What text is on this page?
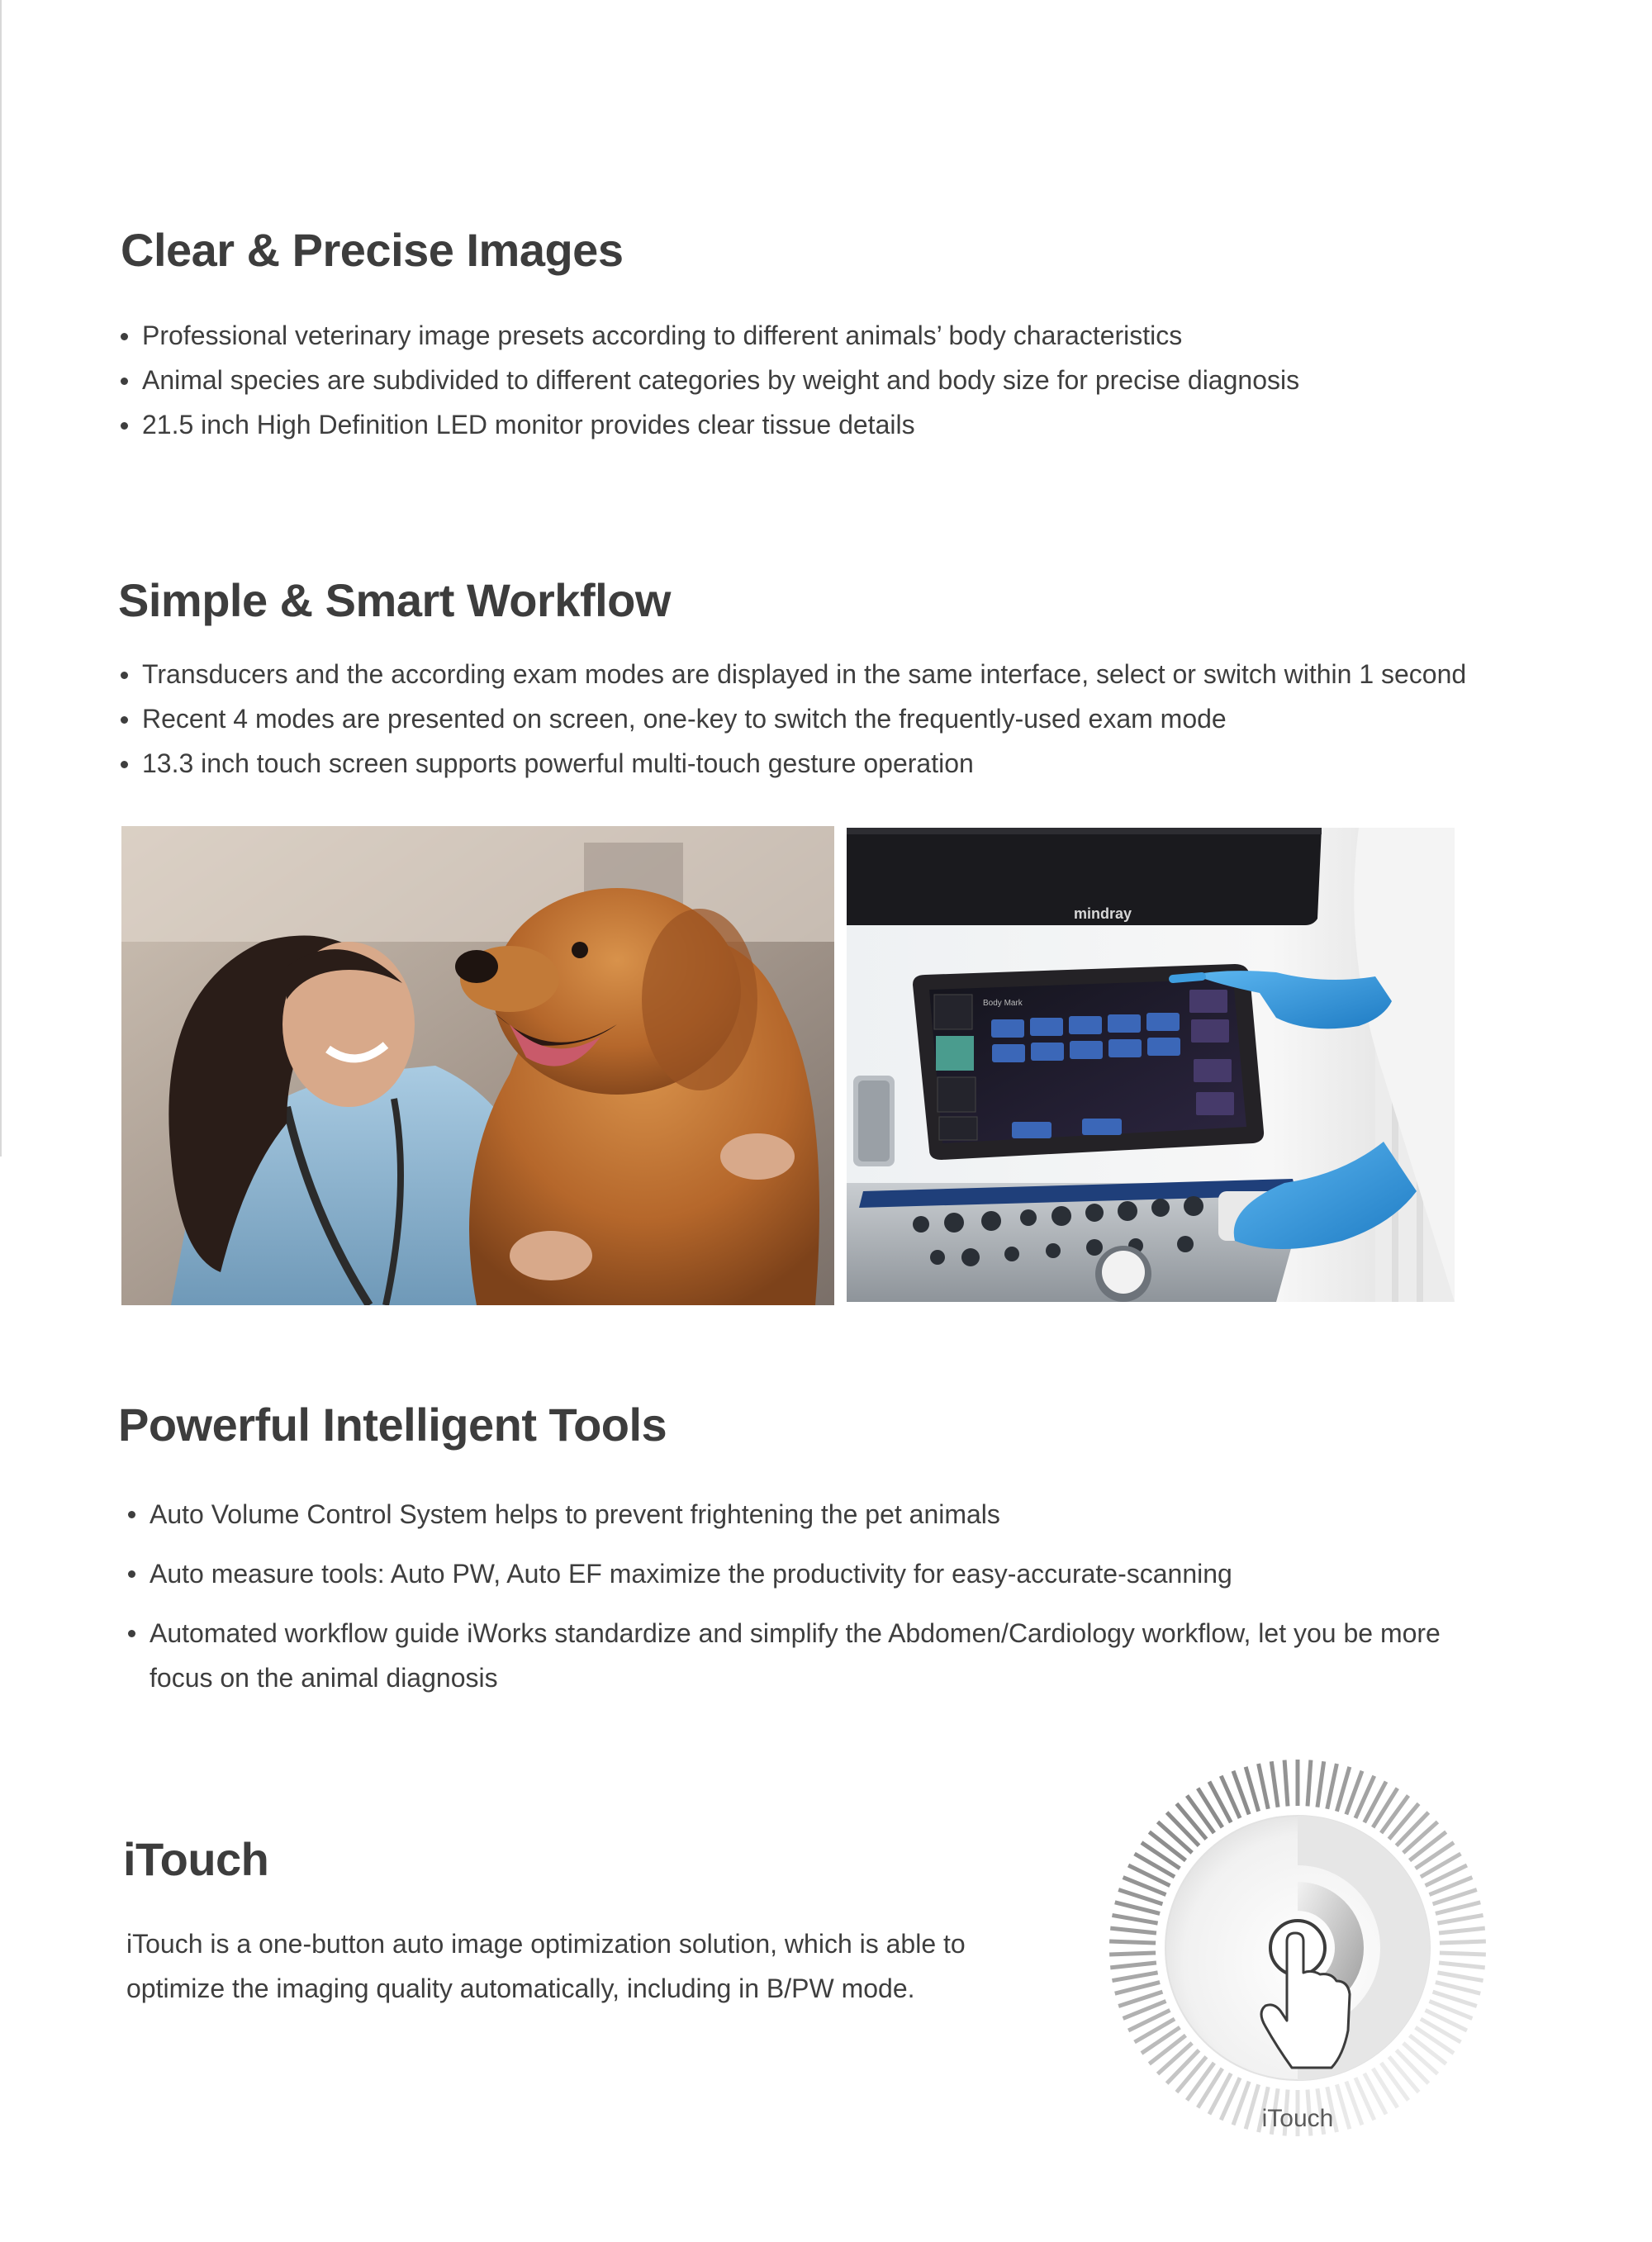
Clear & Precise Images
Professional veterinary image presets according to different animals’ body characteristics
Animal species are subdivided to different categories by weight and body size for precise diagnosis
21.5 inch High Definition LED monitor provides clear tissue details
Simple & Smart Workflow
Transducers and the according exam modes are displayed in the same interface, select or switch within 1 second
Recent 4 modes are presented on screen, one-key to switch the frequently-used exam mode
13.3 inch touch screen supports powerful multi-touch gesture operation
mindray
Body Mark
Powerful Intelligent Tools
Auto Volume Control System helps to prevent frightening the pet animals
Auto measure tools: Auto PW, Auto EF maximize the productivity for easy-accurate-scanning
Automated workflow guide iWorks standardize and simplify the Abdomen/Cardiology workflow, let you be more
focus on the animal diagnosis
iTouch

iTouch is a one-button auto image optimization solution, which is able to
optimize the imaging quality automatically, including in B/PW mode.

iTouch
